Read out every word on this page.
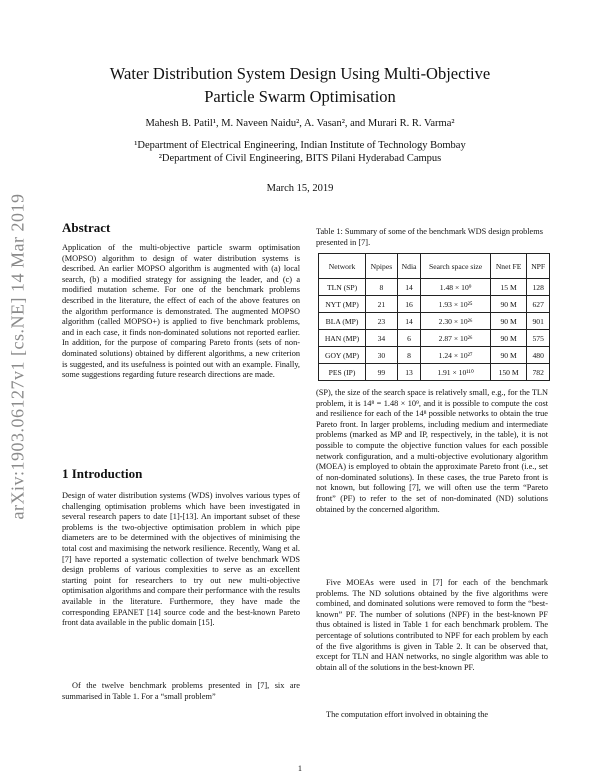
arXiv:1903.06127v1 [cs.NE] 14 Mar 2019
Water Distribution System Design Using Multi-Objective
Particle Swarm Optimisation
Mahesh B. Patil¹, M. Naveen Naidu², A. Vasan², and Murari R. R. Varma²
¹Department of Electrical Engineering, Indian Institute of Technology Bombay
²Department of Civil Engineering, BITS Pilani Hyderabad Campus
March 15, 2019
Abstract
Application of the multi-objective particle swarm optimisation (MOPSO) algorithm to design of water distribution systems is described. An earlier MOPSO algorithm is augmented with (a) local search, (b) a modified strategy for assigning the leader, and (c) a modified mutation scheme. For one of the benchmark problems described in the literature, the effect of each of the above features on the algorithm performance is demonstrated. The augmented MOPSO algorithm (called MOPSO+) is applied to five benchmark problems, and in each case, it finds non-dominated solutions not reported earlier. In addition, for the purpose of comparing Pareto fronts (sets of non-dominated solutions) obtained by different algorithms, a new criterion is suggested, and its usefulness is pointed out with an example. Finally, some suggestions regarding future research directions are made.
1 Introduction
Design of water distribution systems (WDS) involves various types of challenging optimisation problems which have been investigated in several research papers to date [1]-[13]. An important subset of these problems is the two-objective optimisation problem in which pipe diameters are to be determined with the objectives of minimising the total cost and maximising the network resilience. Recently, Wang et al. [7] have reported a systematic collection of twelve benchmark WDS design problems of various complexities to serve as an excellent starting point for researchers to try out new multi-objective optimisation algorithms and compare their performance with the results available in the literature. Furthermore, they have made the corresponding EPANET [14] source code and the best-known Pareto front data available in the public domain [15].
Of the twelve benchmark problems presented in [7], six are summarised in Table 1. For a “small problem”
Table 1: Summary of some of the benchmark WDS design problems presented in [7].
Network	Npipes	Ndia	Search space size	Nnet FE	NPF
TLN (SP)	8	14	1.48 × 10⁹	15 M	128
NYT (MP)	21	16	1.93 × 10²⁵	90 M	627
BLA (MP)	23	14	2.30 × 10²⁶	90 M	901
HAN (MP)	34	6	2.87 × 10²⁶	90 M	575
GOY (MP)	30	8	1.24 × 10²⁷	90 M	480
PES (IP)	99	13	1.91 × 10¹¹⁰	150 M	782
(SP), the size of the search space is relatively small, e.g., for the TLN problem, it is 14⁸ = 1.48 × 10⁹, and it is possible to compute the cost and resilience for each of the 14⁸ possible networks to obtain the true Pareto front. In larger problems, including medium and intermediate problems (marked as MP and IP, respectively, in the table), it is not possible to compute the objective function values for each possible network configuration, and a multi-objective evolutionary algorithm (MOEA) is employed to obtain the approximate Pareto front (i.e., set of non-dominated solutions). In these cases, the true Pareto front is not known, but following [7], we will often use the term “Pareto front” (PF) to refer to the set of non-dominated (ND) solutions obtained by the concerned algorithm.
Five MOEAs were used in [7] for each of the benchmark problems. The ND solutions obtained by the five algorithms were combined, and dominated solutions were removed to form the “best-known” PF. The number of solutions (NPF) in the best-known PF thus obtained is listed in Table 1 for each benchmark problem. The percentage of solutions contributed to NPF for each problem by each of the five algorithms is given in Table 2. It can be observed that, except for TLN and HAN networks, no single algorithm was able to obtain all of the solutions in the best-known PF.
The computation effort involved in obtaining the
1
